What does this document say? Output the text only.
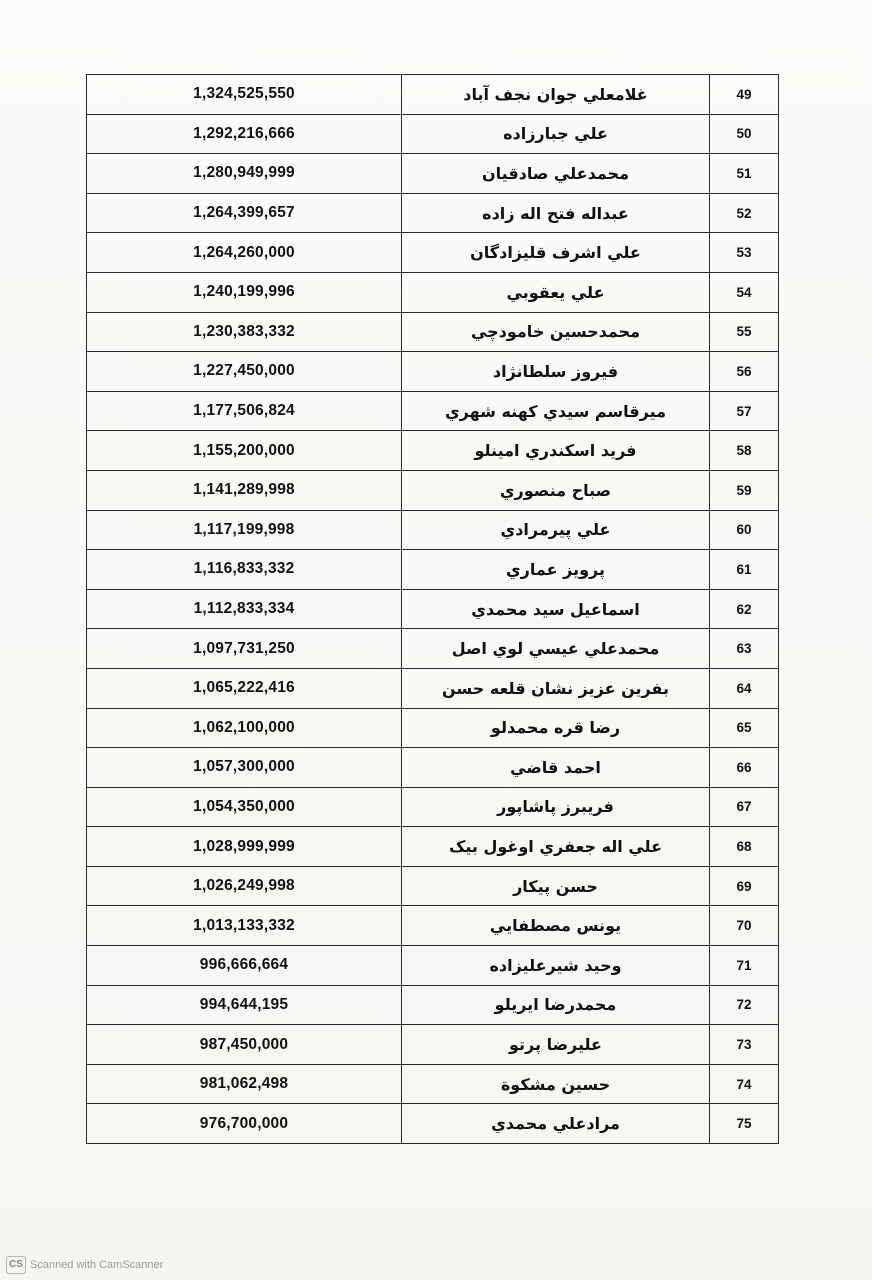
1,324,525,550	غلامعلي جوان نجف آباد	49
1,292,216,666	علي جبارزاده	50
1,280,949,999	محمدعلي صادقيان	51
1,264,399,657	عبداله فتح اله زاده	52
1,264,260,000	علي اشرف قليزادگان	53
1,240,199,996	علي يعقوبي	54
1,230,383,332	محمدحسين خامودچي	55
1,227,450,000	فيروز سلطانژاد	56
1,177,506,824	ميرقاسم سيدي كهنه شهري	57
1,155,200,000	فريد اسكندري امينلو	58
1,141,289,998	صباح منصوري	59
1,117,199,998	علي پيرمرادي	60
1,116,833,332	پرويز عماري	61
1,112,833,334	اسماعيل سيد محمدي	62
1,097,731,250	محمدعلي عيسي لوي اصل	63
1,065,222,416	بفرين عزيز نشان قلعه حسن	64
1,062,100,000	رضا قره محمدلو	65
1,057,300,000	احمد قاضي	66
1,054,350,000	فريبرز پاشاپور	67
1,028,999,999	علي اله جعفري اوغول بيک	68
1,026,249,998	حسن پيكار	69
1,013,133,332	يونس مصطفايي	70
996,666,664	وحيد شيرعليزاده	71
994,644,195	محمدرضا ايريلو	72
987,450,000	عليرضا پرتو	73
981,062,498	حسين مشكوة	74
976,700,000	مرادعلي محمدي	75
CS Scanned with CamScanner
